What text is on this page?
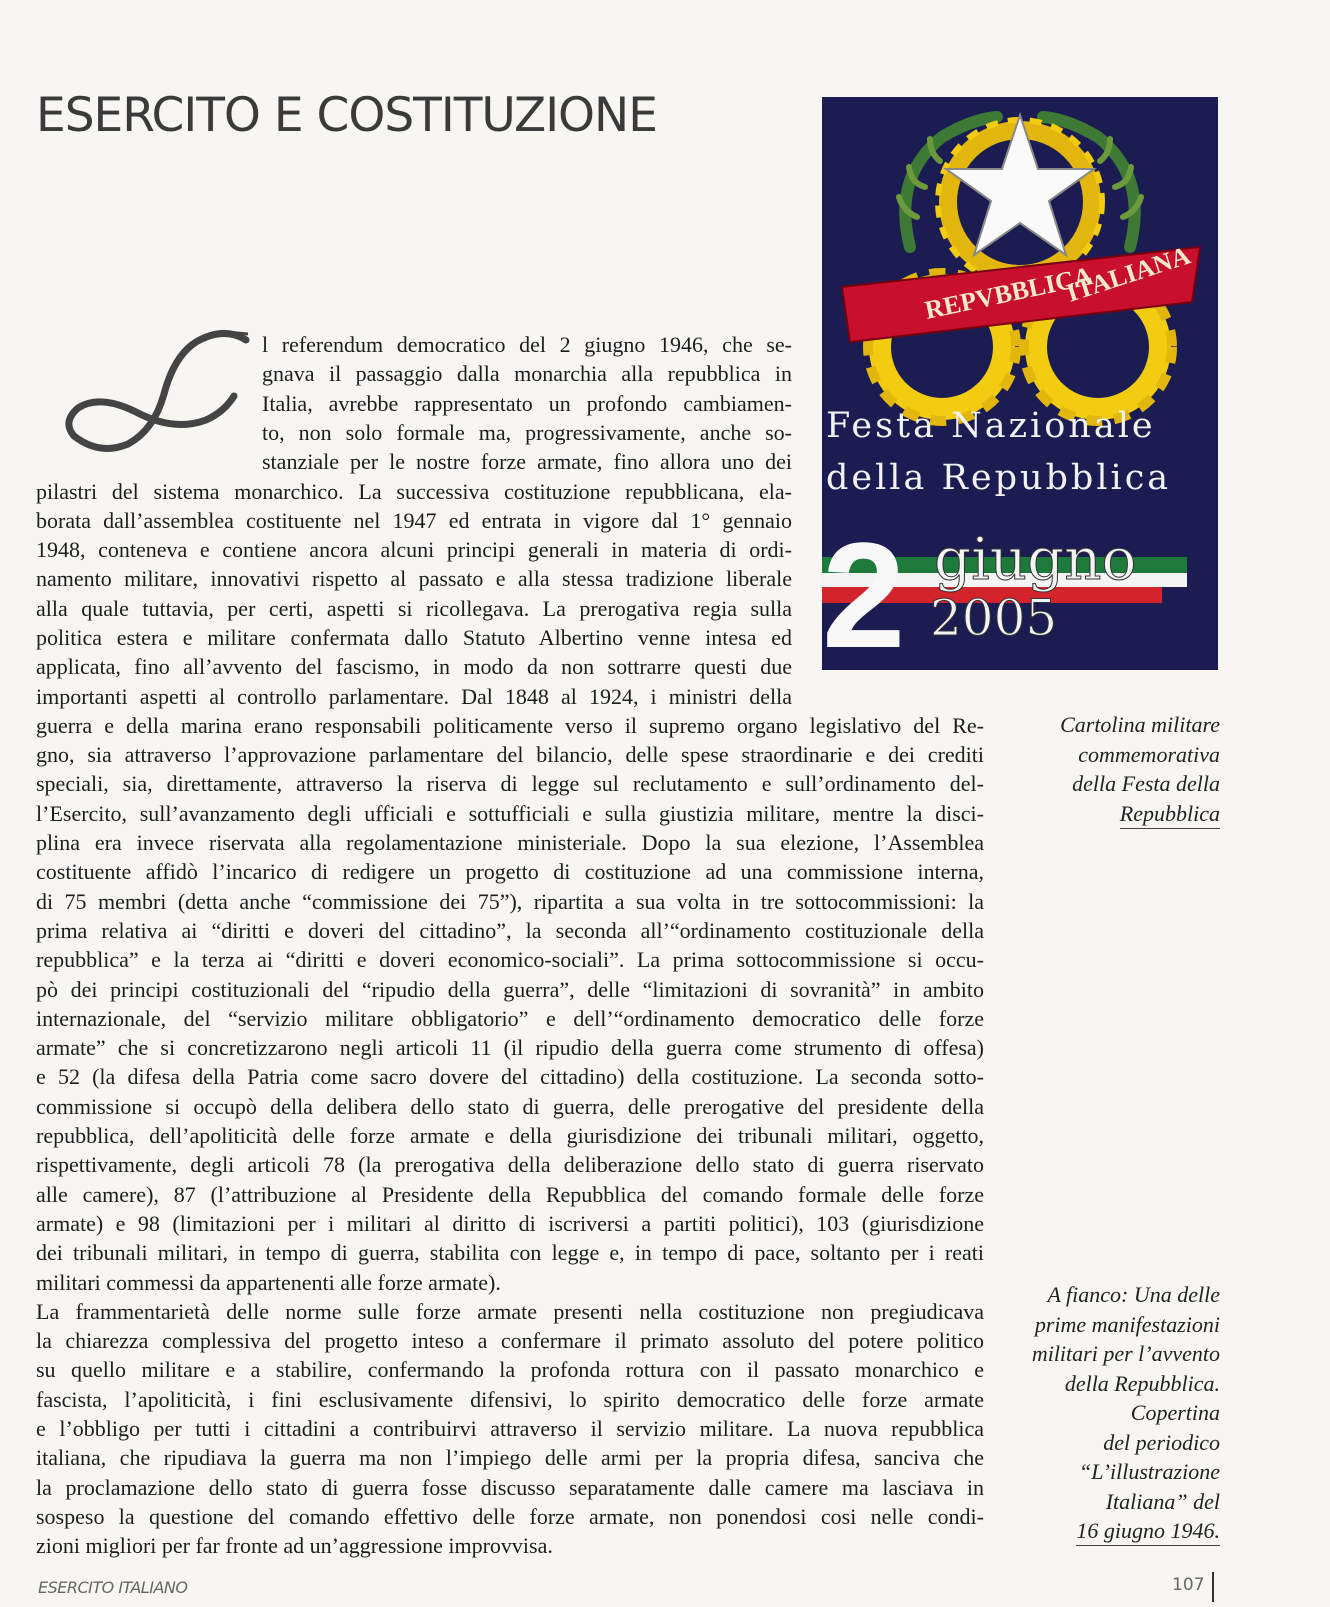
ESERCITO E COSTITUZIONE
REPVBBLICA
ITALIANA
Festa Nazionale
della Repubblica
2 giugno
2005
I
l referendum democratico del 2 giugno 1946, che se-
gnava il passaggio dalla monarchia alla repubblica in
Italia, avrebbe rappresentato un profondo cambiamen-
to, non solo formale ma, progressivamente, anche so-
stanziale per le nostre forze armate, fino allora uno dei
pilastri del sistema monarchico. La successiva costituzione repubblicana, ela-
borata dall’assemblea costituente nel 1947 ed entrata in vigore dal 1° gennaio
1948, conteneva e contiene ancora alcuni principi generali in materia di ordi-
namento militare, innovativi rispetto al passato e alla stessa tradizione liberale
alla quale tuttavia, per certi, aspetti si ricollegava. La prerogativa regia sulla
politica estera e militare confermata dallo Statuto Albertino venne intesa ed
applicata, fino all’avvento del fascismo, in modo da non sottrarre questi due
importanti aspetti al controllo parlamentare. Dal 1848 al 1924, i ministri della
guerra e della marina erano responsabili politicamente verso il supremo organo legislativo del Re-
gno, sia attraverso l’approvazione parlamentare del bilancio, delle spese straordinarie e dei crediti
speciali, sia, direttamente, attraverso la riserva di legge sul reclutamento e sull’ordinamento del-
l’Esercito, sull’avanzamento degli ufficiali e sottufficiali e sulla giustizia militare, mentre la disci-
plina era invece riservata alla regolamentazione ministeriale. Dopo la sua elezione, l’Assemblea
costituente affidò l’incarico di redigere un progetto di costituzione ad una commissione interna,
di 75 membri (detta anche “commissione dei 75”), ripartita a sua volta in tre sottocommissioni: la
prima relativa ai “diritti e doveri del cittadino”, la seconda all’“ordinamento costituzionale della
repubblica” e la terza ai “diritti e doveri economico-sociali”. La prima sottocommissione si occu-
pò dei principi costituzionali del “ripudio della guerra”, delle “limitazioni di sovranità” in ambito
internazionale, del “servizio militare obbligatorio” e dell’“ordinamento democratico delle forze
armate” che si concretizzarono negli articoli 11 (il ripudio della guerra come strumento di offesa)
e 52 (la difesa della Patria come sacro dovere del cittadino) della costituzione. La seconda sotto-
commissione si occupò della delibera dello stato di guerra, delle prerogative del presidente della
repubblica, dell’apoliticità delle forze armate e della giurisdizione dei tribunali militari, oggetto,
rispettivamente, degli articoli 78 (la prerogativa della deliberazione dello stato di guerra riservato
alle camere), 87 (l’attribuzione al Presidente della Repubblica del comando formale delle forze
armate) e 98 (limitazioni per i militari al diritto di iscriversi a partiti politici), 103 (giurisdizione
dei tribunali militari, in tempo di guerra, stabilita con legge e, in tempo di pace, soltanto per i reati
militari commessi da appartenenti alle forze armate).
La frammentarietà delle norme sulle forze armate presenti nella costituzione non pregiudicava
la chiarezza complessiva del progetto inteso a confermare il primato assoluto del potere politico
su quello militare e a stabilire, confermando la profonda rottura con il passato monarchico e
fascista, l’apoliticità, i fini esclusivamente difensivi, lo spirito democratico delle forze armate
e l’obbligo per tutti i cittadini a contribuirvi attraverso il servizio militare. La nuova repubblica
italiana, che ripudiava la guerra ma non l’impiego delle armi per la propria difesa, sanciva che
la proclamazione dello stato di guerra fosse discusso separatamente dalle camere ma lasciava in
sospeso la questione del comando effettivo delle forze armate, non ponendosi cosi nelle condi-
zioni migliori per far fronte ad un’aggressione improvvisa.
Cartolina militare
commemorativa
della Festa della
Repubblica
A fianco: Una delle
prime manifestazioni
militari per l’avvento
della Repubblica.
Copertina
del periodico
“L’illustrazione
Italiana” del
16 giugno 1946.
ESERCITO ITALIANO	107
